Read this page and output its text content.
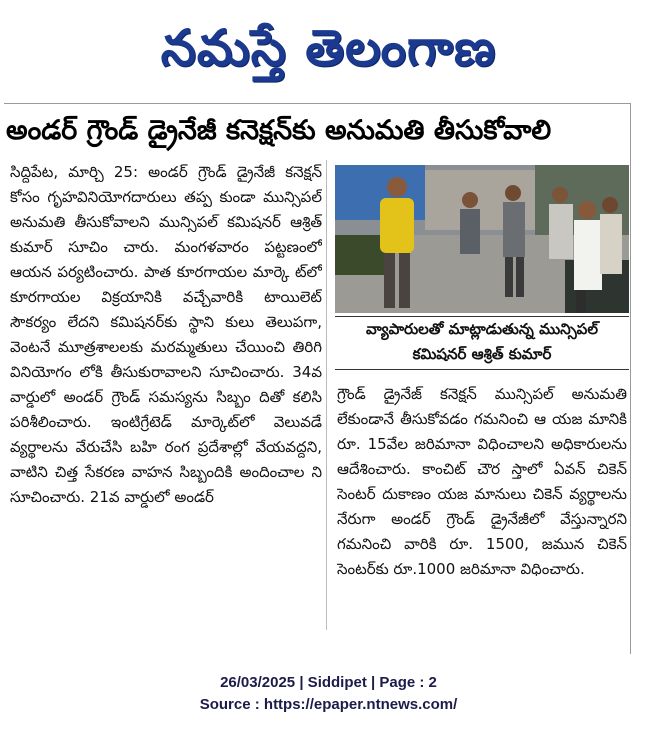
నమస్తే తెలంగాణ
అండర్ గ్రౌండ్ డ్రైనేజీ కనెక్షన్‌కు అనుమతి తీసుకోవాలి

సిద్దిపేట, మార్చి 25: అండర్ గ్రౌండ్ డ్రైనేజీ కనెక్షన్ కోసం గృహవినియోగదారులు తప్ప కుండా మున్సిపల్ అనుమతి తీసుకోవాలని మున్సిపల్ కమిషనర్ ఆశ్రిత్ కుమార్ సూచిం చారు. మంగళవారం పట్టణంలో ఆయన పర్యటించారు. పాత కూరగాయల మార్కె ట్‌లో కూరగాయల విక్రయానికి వచ్చేవారికి టాయిలెట్ సౌకర్యం లేదని కమిషనర్‌కు స్థాని కులు తెలుపగా, వెంటనే మూత్రశాలలకు మరమ్మతులు చేయించి తిరిగి వినియోగం లోకి తీసుకురావాలని సూచించారు. 34వ వార్డులో అండర్ గ్రౌండ్ సమస్యను సిబ్బం దితో కలిసి పరిశీలించారు. ఇంటిగ్రేటెడ్ మార్కెట్‌లో వెలువడే వ్యర్థాలను వేరుచేసి బహి రంగ ప్రదేశాల్లో వేయవద్దని, వాటిని చిత్త సేకరణ వాహన సిబ్బందికి అందించాల ని సూచించారు. 21వ వార్డులో అండర్

వ్యాపారులతో మాట్లాడుతున్న మున్సిపల్
కమిషనర్ ఆశ్రిత్ కుమార్

గ్రౌండ్ డ్రైనేజ్ కనెక్షన్ మున్సిపల్ అనుమతి లేకుండానే తీసుకోవడం గమనించి ఆ యజ మానికి రూ. 15వేల జరిమానా విధించాలని అధికారులను ఆదేశించారు. కాంచిట్ చౌర స్తాలో ఏవన్ చికెన్ సెంటర్ దుకాణం యజ మానులు చికెన్ వ్యర్థాలను నేరుగా అండర్ గ్రౌండ్ డ్రైనేజీలో వేస్తున్నారని గమనించి వారికి రూ. 1500, జమున చికెన్ సెంటర్‌కు రూ.1000 జరిమానా విధించారు.

26/03/2025 | Siddipet | Page : 2
Source : https://epaper.ntnews.com/
